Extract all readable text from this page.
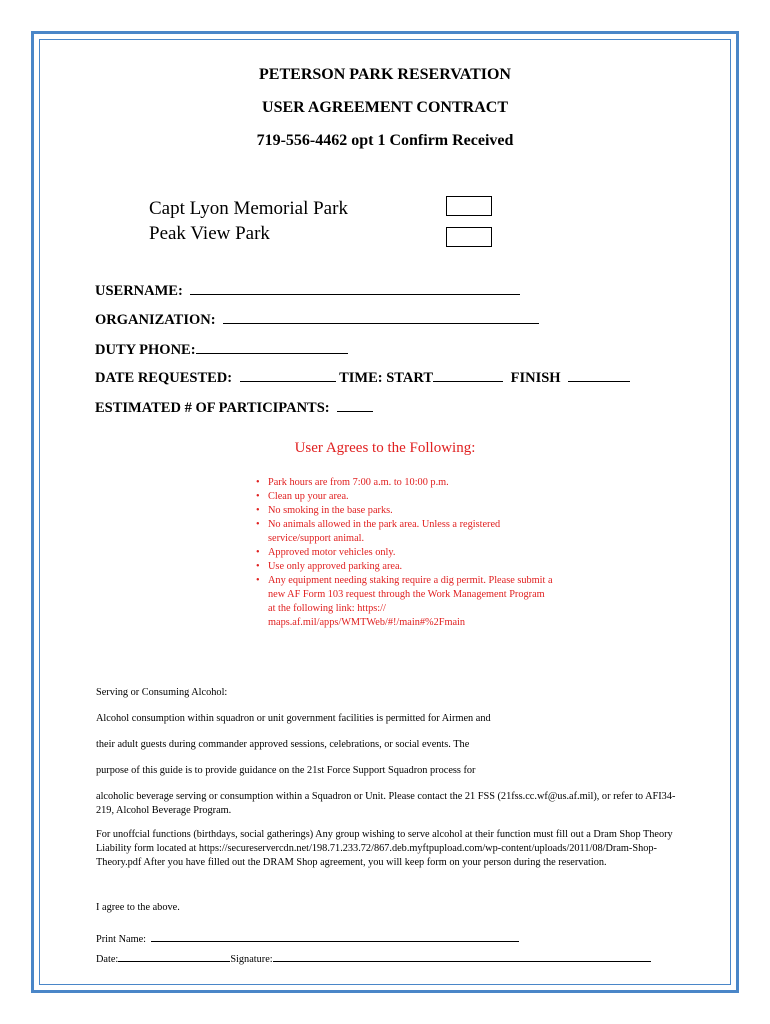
PETERSON PARK RESERVATION
USER AGREEMENT CONTRACT
719-556-4462 opt 1 Confirm Received
Capt Lyon Memorial Park
Peak View Park
USERNAME:
ORGANIZATION:
DUTY PHONE:
DATE REQUESTED:	TIME: START	FINISH
ESTIMATED # OF PARTICIPANTS:
User Agrees to the Following:
• Park hours are from 7:00 a.m. to 10:00 p.m.
• Clean up your area.
• No smoking in the base parks.
• No animals allowed in the park area. Unless a registered service/support animal.
• Approved motor vehicles only.
• Use only approved parking area.
• Any equipment needing staking require a dig permit. Please submit a new AF Form 103 request through the Work Management Program at the following link: https:// maps.af.mil/apps/WMTWeb/#!/main#%2Fmain
Serving or Consuming Alcohol:
Alcohol consumption within squadron or unit government facilities is permitted for Airmen and
their adult guests during commander approved sessions, celebrations, or social events. The
purpose of this guide is to provide guidance on the 21st Force Support Squadron process for
alcoholic beverage serving or consumption within a Squadron or Unit. Please contact the 21 FSS (21fss.cc.wf@us.af.mil), or refer to AFI34-219, Alcohol Beverage Program.
For unoffcial functions (birthdays, social gatherings) Any group wishing to serve alcohol at their function must fill out a Dram Shop Theory Liability form located at https://secureservercdn.net/198.71.233.72/867.deb.myftpupload.com/wp-content/uploads/2011/08/Dram-Shop-Theory.pdf After you have filled out the DRAM Shop agreement, you will keep form on your person during the reservation.
I agree to the above.
Print Name:
Date:	Signature:
